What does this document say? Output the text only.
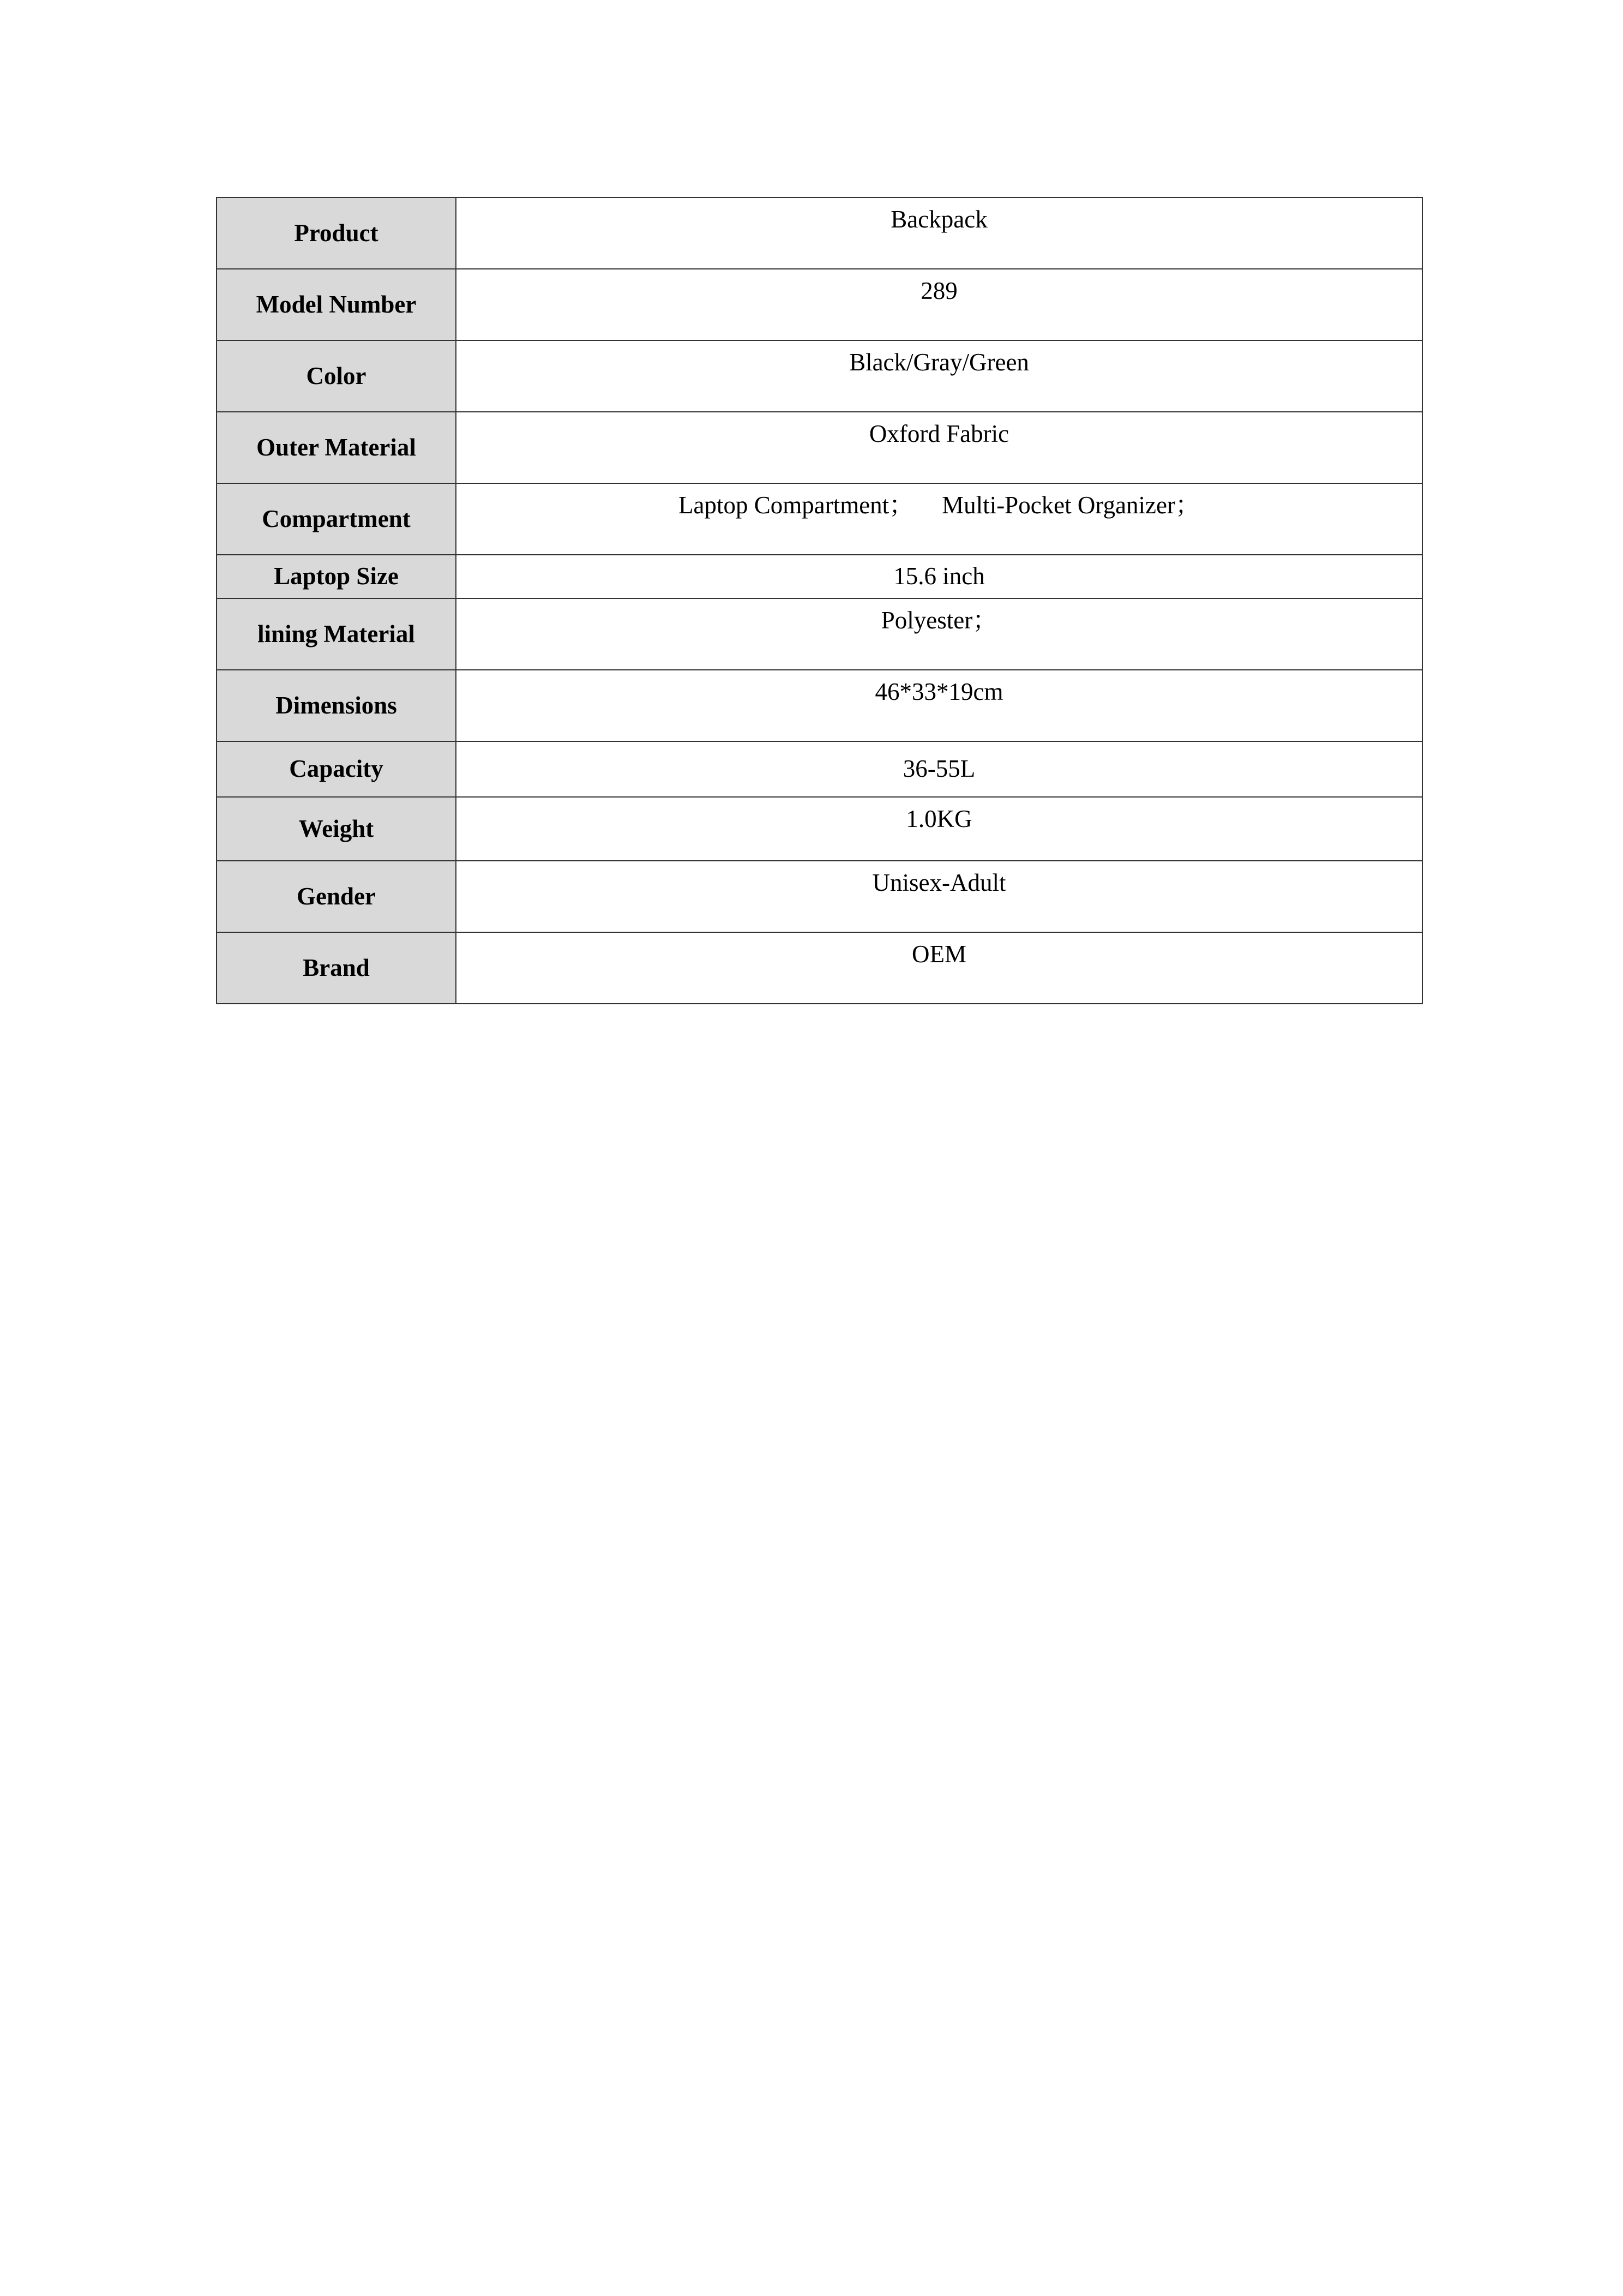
Product	Backpack
Model Number	289
Color	Black/Gray/Green
Outer Material	Oxford Fabric
Compartment	Laptop Compartment； Multi-Pocket Organizer；
Laptop Size	15.6 inch
lining Material	Polyester；
Dimensions	46*33*19cm
Capacity	36-55L
Weight	1.0KG
Gender	Unisex-Adult
Brand	OEM
